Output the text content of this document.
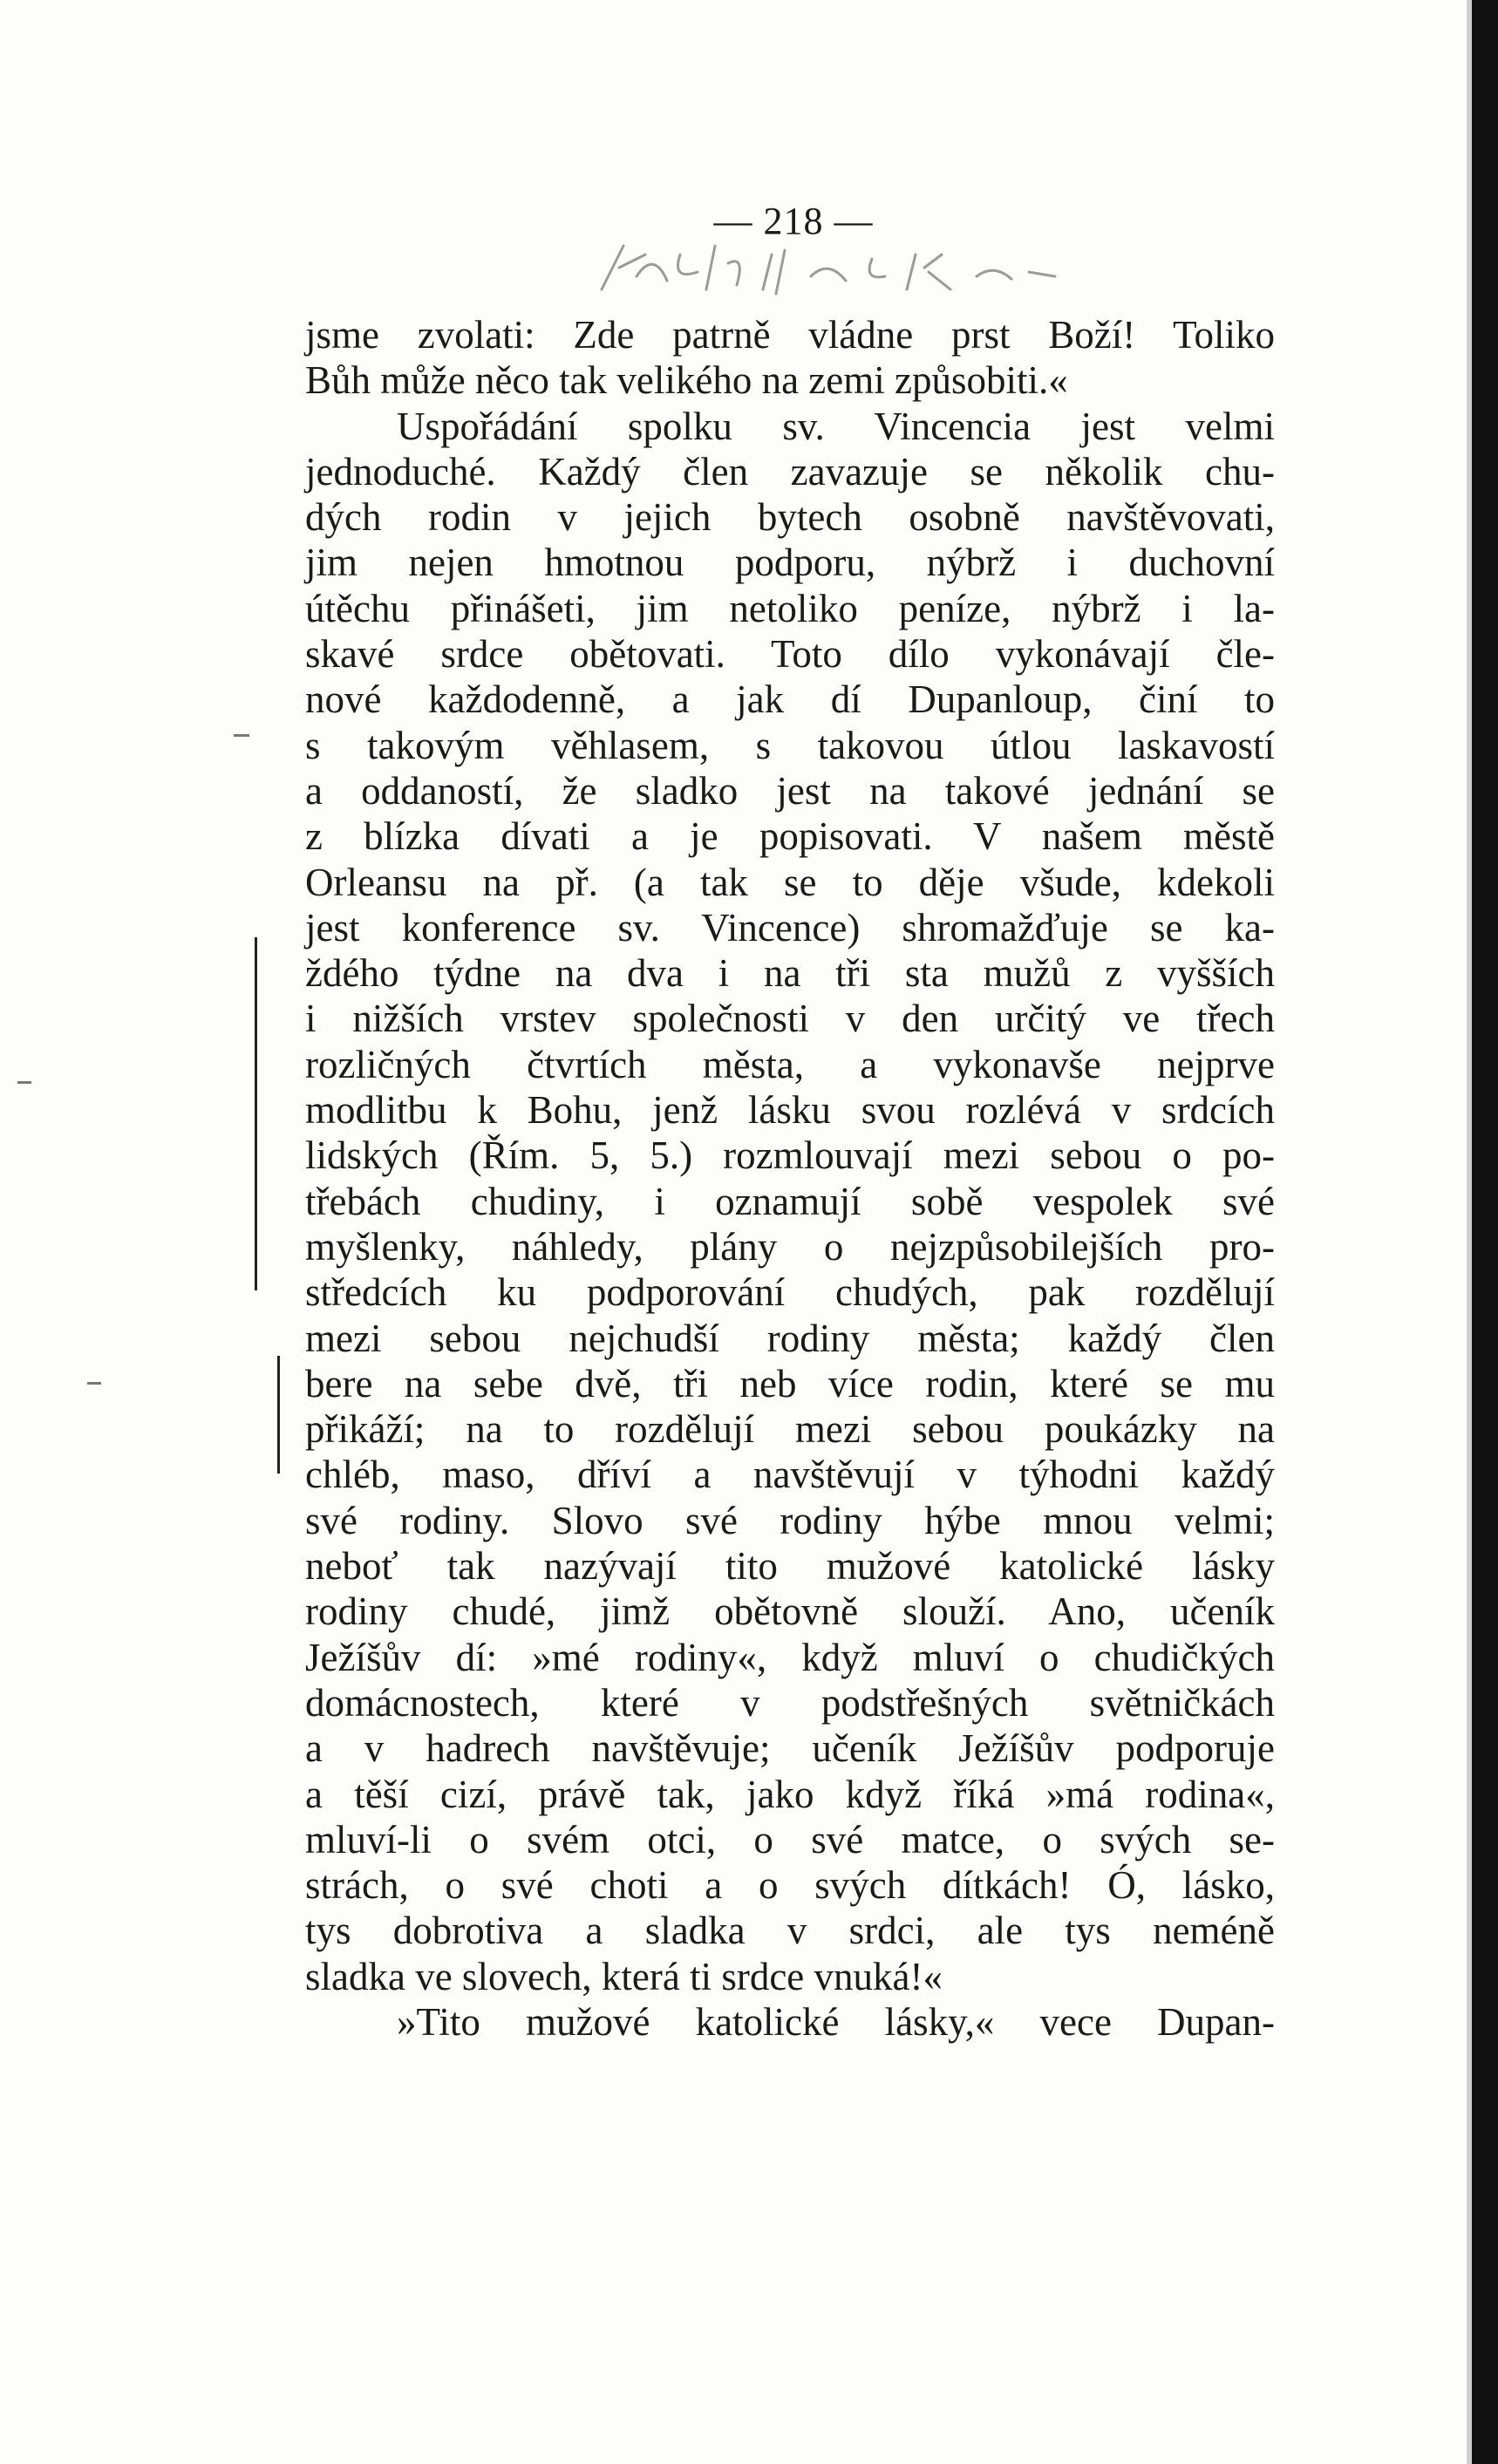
— 218 —
jsme zvolati: Zde patrně vládne prst Boží! Toliko
Bůh může něco tak velikého na zemi způsobiti.«
Uspořádání spolku sv. Vincencia jest velmi
jednoduché. Každý člen zavazuje se několik chu-
dých rodin v jejich bytech osobně navštěvovati,
jim nejen hmotnou podporu, nýbrž i duchovní
útěchu přinášeti, jim netoliko peníze, nýbrž i la-
skavé srdce obětovati. Toto dílo vykonávají čle-
nové každodenně, a jak dí Dupanloup, činí to
s takovým věhlasem, s takovou útlou laskavostí
a oddaností, že sladko jest na takové jednání se
z blízka dívati a je popisovati. V našem městě
Orleansu na př. (a tak se to děje všude, kdekoli
jest konference sv. Vincence) shromažďuje se ka-
ždého týdne na dva i na tři sta mužů z vyšších
i nižších vrstev společnosti v den určitý ve třech
rozličných čtvrtích města, a vykonavše nejprve
modlitbu k Bohu, jenž lásku svou rozlévá v srdcích
lidských (Řím. 5, 5.) rozmlouvají mezi sebou o po-
třebách chudiny, i oznamují sobě vespolek své
myšlenky, náhledy, plány o nejzpůsobilejších pro-
středcích ku podporování chudých, pak rozdělují
mezi sebou nejchudší rodiny města; každý člen
bere na sebe dvě, tři neb více rodin, které se mu
přikáží; na to rozdělují mezi sebou poukázky na
chléb, maso, dříví a navštěvují v týhodni každý
své rodiny. Slovo své rodiny hýbe mnou velmi;
neboť tak nazývají tito mužové katolické lásky
rodiny chudé, jimž obětovně slouží. Ano, učeník
Ježíšův dí: »mé rodiny«, když mluví o chudičkých
domácnostech, které v podstřešných světničkách
a v hadrech navštěvuje; učeník Ježíšův podporuje
a těší cizí, právě tak, jako když říká »má rodina«,
mluví-li o svém otci, o své matce, o svých se-
strách, o své choti a o svých dítkách! Ó, lásko,
tys dobrotiva a sladka v srdci, ale tys neméně
sladka ve slovech, která ti srdce vnuká!«
»Tito mužové katolické lásky,« vece Dupan-
